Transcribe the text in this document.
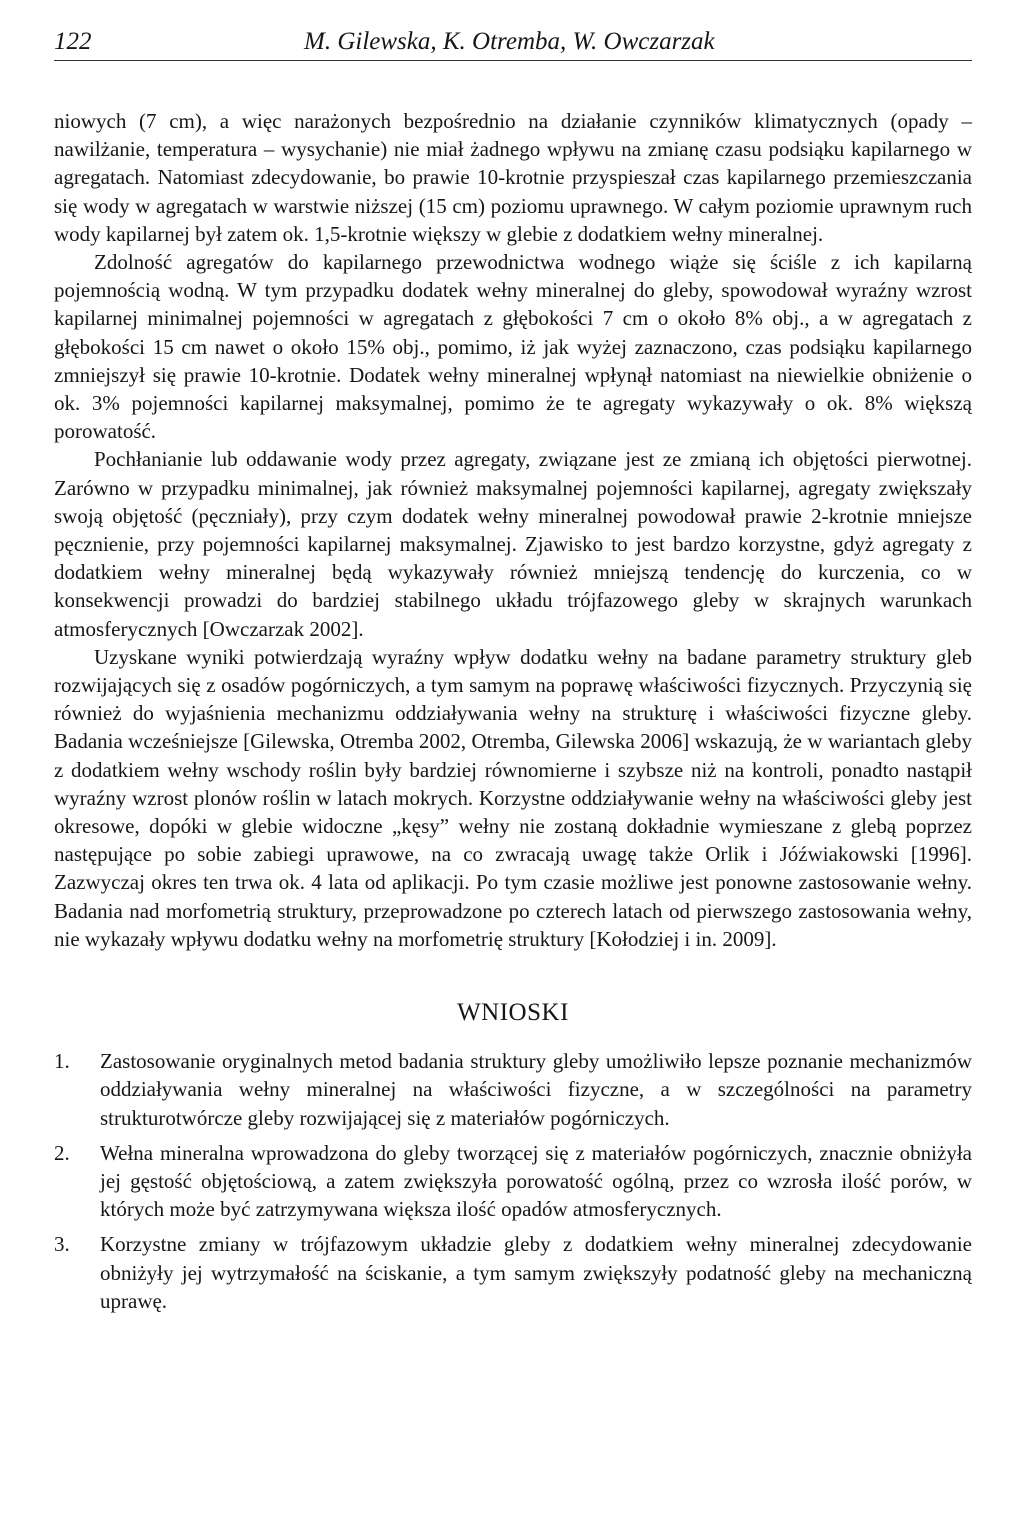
122	M. Gilewska, K. Otremba, W. Owczarzak

niowych (7 cm), a więc narażonych bezpośrednio na działanie czynników klimatycznych (opady – nawilżanie, temperatura – wysychanie) nie miał żadnego wpływu na zmianę czasu podsiąku kapilarnego w agregatach. Natomiast zdecydowanie, bo prawie 10-krotnie przyspieszał czas kapilarnego przemieszczania się wody w agregatach w warstwie niższej (15 cm) poziomu uprawnego. W całym poziomie uprawnym ruch wody kapilarnej był zatem ok. 1,5-krotnie większy w glebie z dodatkiem wełny mineralnej.

Zdolność agregatów do kapilarnego przewodnictwa wodnego wiąże się ściśle z ich kapilarną pojemnością wodną. W tym przypadku dodatek wełny mineralnej do gleby, spowodował wyraźny wzrost kapilarnej minimalnej pojemności w agregatach z głębokości 7 cm o około 8% obj., a w agregatach z głębokości 15 cm nawet o około 15% obj., pomimo, iż jak wyżej zaznaczono, czas podsiąku kapilarnego zmniejszył się prawie 10-krotnie. Dodatek wełny mineralnej wpłynął natomiast na niewielkie obniżenie o ok. 3% pojemności kapilarnej maksymalnej, pomimo że te agregaty wykazywały o ok. 8% większą porowatość.

Pochłanianie lub oddawanie wody przez agregaty, związane jest ze zmianą ich objętości pierwotnej. Zarówno w przypadku minimalnej, jak również maksymalnej pojemności kapilarnej, agregaty zwiększały swoją objętość (pęczniały), przy czym dodatek wełny mineralnej powodował prawie 2-krotnie mniejsze pęcznienie, przy pojemności kapilarnej maksymalnej. Zjawisko to jest bardzo korzystne, gdyż agregaty z dodatkiem wełny mineralnej będą wykazywały również mniejszą tendencję do kurczenia, co w konsekwencji prowadzi do bardziej stabilnego układu trójfazowego gleby w skrajnych warunkach atmosferycznych [Owczarzak 2002].

Uzyskane wyniki potwierdzają wyraźny wpływ dodatku wełny na badane parametry struktury gleb rozwijających się z osadów pogórniczych, a tym samym na poprawę właściwości fizycznych. Przyczynią się również do wyjaśnienia mechanizmu oddziaływania wełny na strukturę i właściwości fizyczne gleby. Badania wcześniejsze [Gilewska, Otremba 2002, Otremba, Gilewska 2006] wskazują, że w wariantach gleby z dodatkiem wełny wschody roślin były bardziej równomierne i szybsze niż na kontroli, ponadto nastąpił wyraźny wzrost plonów roślin w latach mokrych. Korzystne oddziaływanie wełny na właściwości gleby jest okresowe, dopóki w glebie widoczne „kęsy” wełny nie zostaną dokładnie wymieszane z glebą poprzez następujące po sobie zabiegi uprawowe, na co zwracają uwagę także Orlik i Jóźwiakowski [1996]. Zazwyczaj okres ten trwa ok. 4 lata od aplikacji. Po tym czasie możliwe jest ponowne zastosowanie wełny. Badania nad morfometrią struktury, przeprowadzone po czterech latach od pierwszego zastosowania wełny, nie wykazały wpływu dodatku wełny na morfometrię struktury [Kołodziej i in. 2009].

WNIOSKI
1.	Zastosowanie oryginalnych metod badania struktury gleby umożliwiło lepsze poznanie mechanizmów oddziaływania wełny mineralnej na właściwości fizyczne, a w szczególności na parametry strukturotwórcze gleby rozwijającej się z materiałów pogórniczych.
2.	Wełna mineralna wprowadzona do gleby tworzącej się z materiałów pogórniczych, znacznie obniżyła jej gęstość objętościową, a zatem zwiększyła porowatość ogólną, przez co wzrosła ilość porów, w których może być zatrzymywana większa ilość opadów atmosferycznych.
3.	Korzystne zmiany w trójfazowym układzie gleby z dodatkiem wełny mineralnej zdecydowanie obniżyły jej wytrzymałość na ściskanie, a tym samym zwiększyły podatność gleby na mechaniczną uprawę.
